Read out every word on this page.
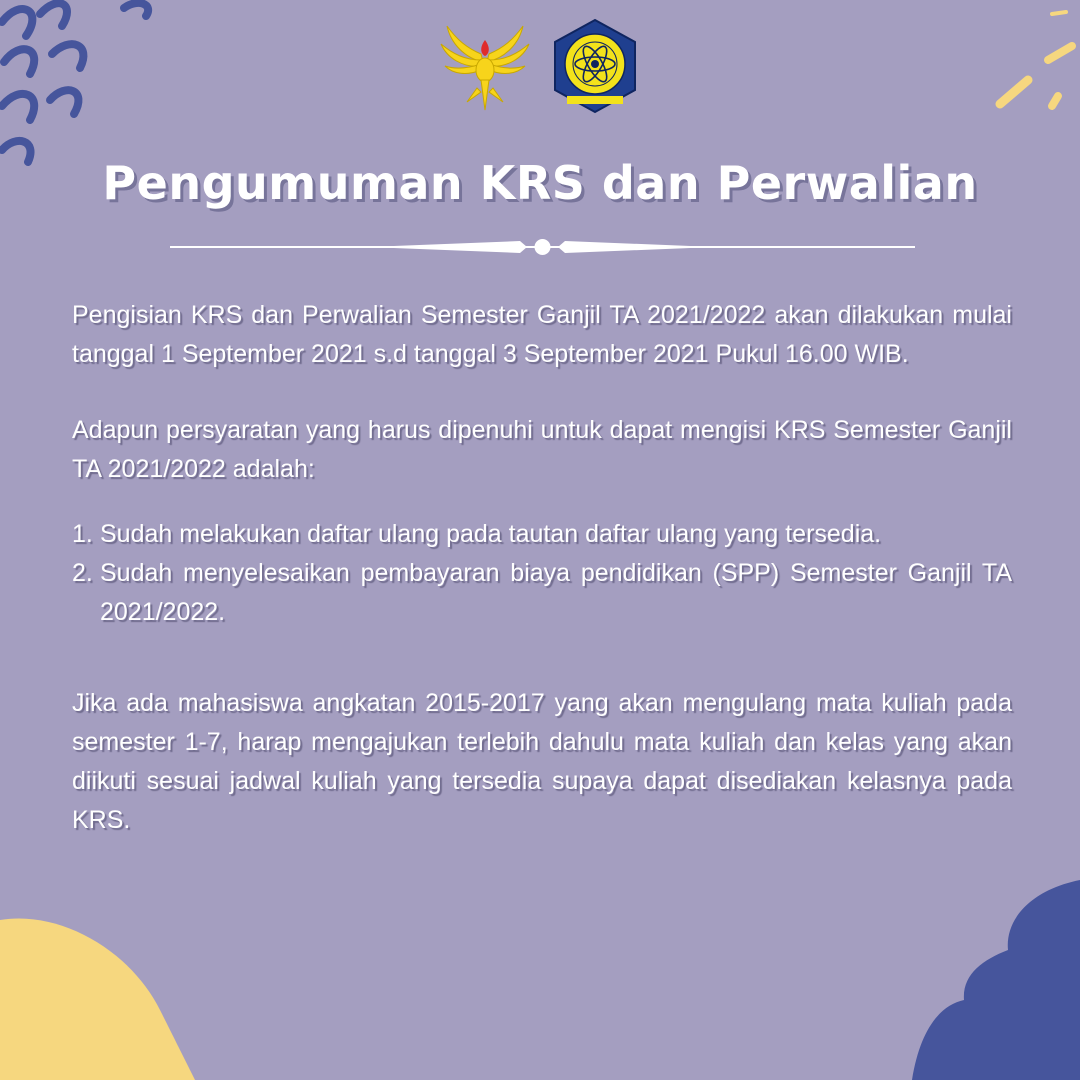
Pengumuman KRS dan Perwalian

Pengisian KRS dan Perwalian Semester Ganjil TA 2021/2022 akan dilakukan mulai tanggal 1 September 2021 s.d tanggal 3 September 2021 Pukul 16.00 WIB.

Adapun persyaratan yang harus dipenuhi untuk dapat mengisi KRS Semester Ganjil TA 2021/2022 adalah:

1. Sudah melakukan daftar ulang pada tautan daftar ulang yang tersedia.
2. Sudah menyelesaikan pembayaran biaya pendidikan (SPP) Semester Ganjil TA 2021/2022.

Jika ada mahasiswa angkatan 2015-2017 yang akan mengulang mata kuliah pada semester 1-7, harap mengajukan terlebih dahulu mata kuliah dan kelas yang akan diikuti sesuai jadwal kuliah yang tersedia supaya dapat disediakan kelasnya pada KRS.
